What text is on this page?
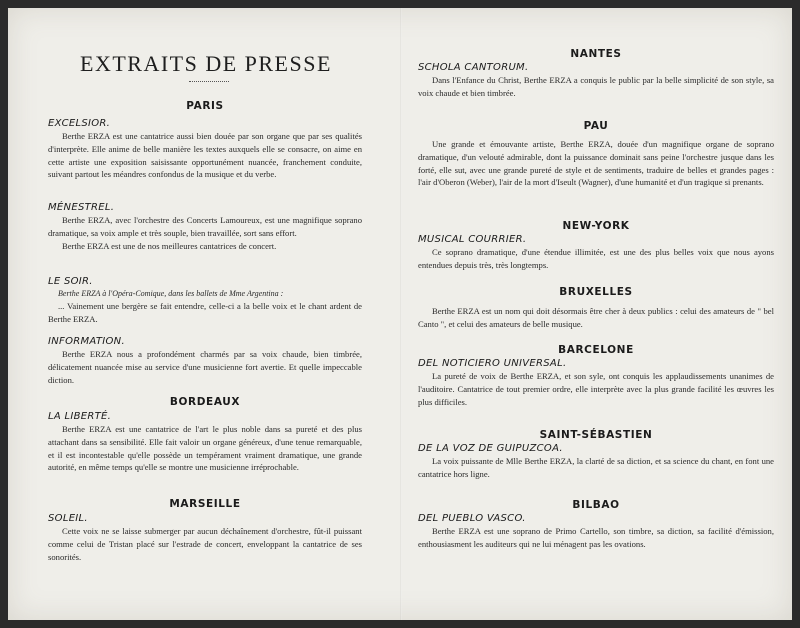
EXTRAITS DE PRESSE

PARIS

EXCELSIOR.

Berthe ERZA est une cantatrice aussi bien douée par son organe que par ses qualités d'interprète. Elle anime de belle manière les textes auxquels elle se consacre, on aime en cette artiste une exposition saisissante opportunément nuancée, franchement conduite, suivant partout les méandres confondus de la musique et du verbe.

MÉNESTREL.

Berthe ERZA, avec l'orchestre des Concerts Lamoureux, est une magnifique soprano dramatique, sa voix ample et très souple, bien travaillée, sort sans effort.

Berthe ERZA est une de nos meilleures cantatrices de concert.

LE SOIR.

Berthe ERZA à l'Opéra-Comique, dans les ballets de Mme Argentina :

... Vainement une bergère se fait entendre, celle-ci a la belle voix et le chant ardent de Berthe ERZA.

INFORMATION.

Berthe ERZA nous a profondément charmés par sa voix chaude, bien timbrée, délicatement nuancée mise au service d'une musicienne fort avertie. Et quelle impeccable diction.

BORDEAUX

LA LIBERTÉ.

Berthe ERZA est une cantatrice de l'art le plus noble dans sa pureté et des plus attachant dans sa sensibilité. Elle fait valoir un organe généreux, d'une tenue remarquable, et il est incontestable qu'elle possède un tempérament vraiment dramatique, une grande autorité, en même temps qu'elle se montre une musicienne irréprochable.

MARSEILLE

SOLEIL.

Cette voix ne se laisse submerger par aucun déchaînement d'orchestre, fût-il puissant comme celui de Tristan placé sur l'estrade de concert, enveloppant la cantatrice de ses sonorités.

NANTES

SCHOLA CANTORUM.

Dans l'Enfance du Christ, Berthe ERZA a conquis le public par la belle simplicité de son style, sa voix chaude et bien timbrée.

PAU

Une grande et émouvante artiste, Berthe ERZA, douée d'un magnifique organe de soprano dramatique, d'un velouté admirable, dont la puissance dominait sans peine l'orchestre jusque dans les forté, elle sut, avec une grande pureté de style et de sentiments, traduire de belles et grandes pages : l'air d'Oberon (Weber), l'air de la mort d'Iseult (Wagner), d'une humanité et d'un tragique si prenants.

NEW-YORK

MUSICAL COURRIER.

Ce soprano dramatique, d'une étendue illimitée, est une des plus belles voix que nous ayons entendues depuis très, très longtemps.

BRUXELLES

Berthe ERZA est un nom qui doit désormais être cher à deux publics : celui des amateurs de " bel Canto ", et celui des amateurs de belle musique.

BARCELONE

DEL NOTICIERO UNIVERSAL.

La pureté de voix de Berthe ERZA, et son syle, ont conquis les applaudissements unanimes de l'auditoire. Cantatrice de tout premier ordre, elle interprète avec la plus grande facilité les œuvres les plus difficiles.

SAINT-SÉBASTIEN

DE LA VOZ DE GUIPUZCOA.

La voix puissante de Mlle Berthe ERZA, la clarté de sa diction, et sa science du chant, en font une cantatrice hors ligne.

BILBAO

DEL PUEBLO VASCO.

Berthe ERZA est une soprano de Primo Cartello, son timbre, sa diction, sa facilité d'émission, enthousiasment les auditeurs qui ne lui ménagent pas les ovations.
